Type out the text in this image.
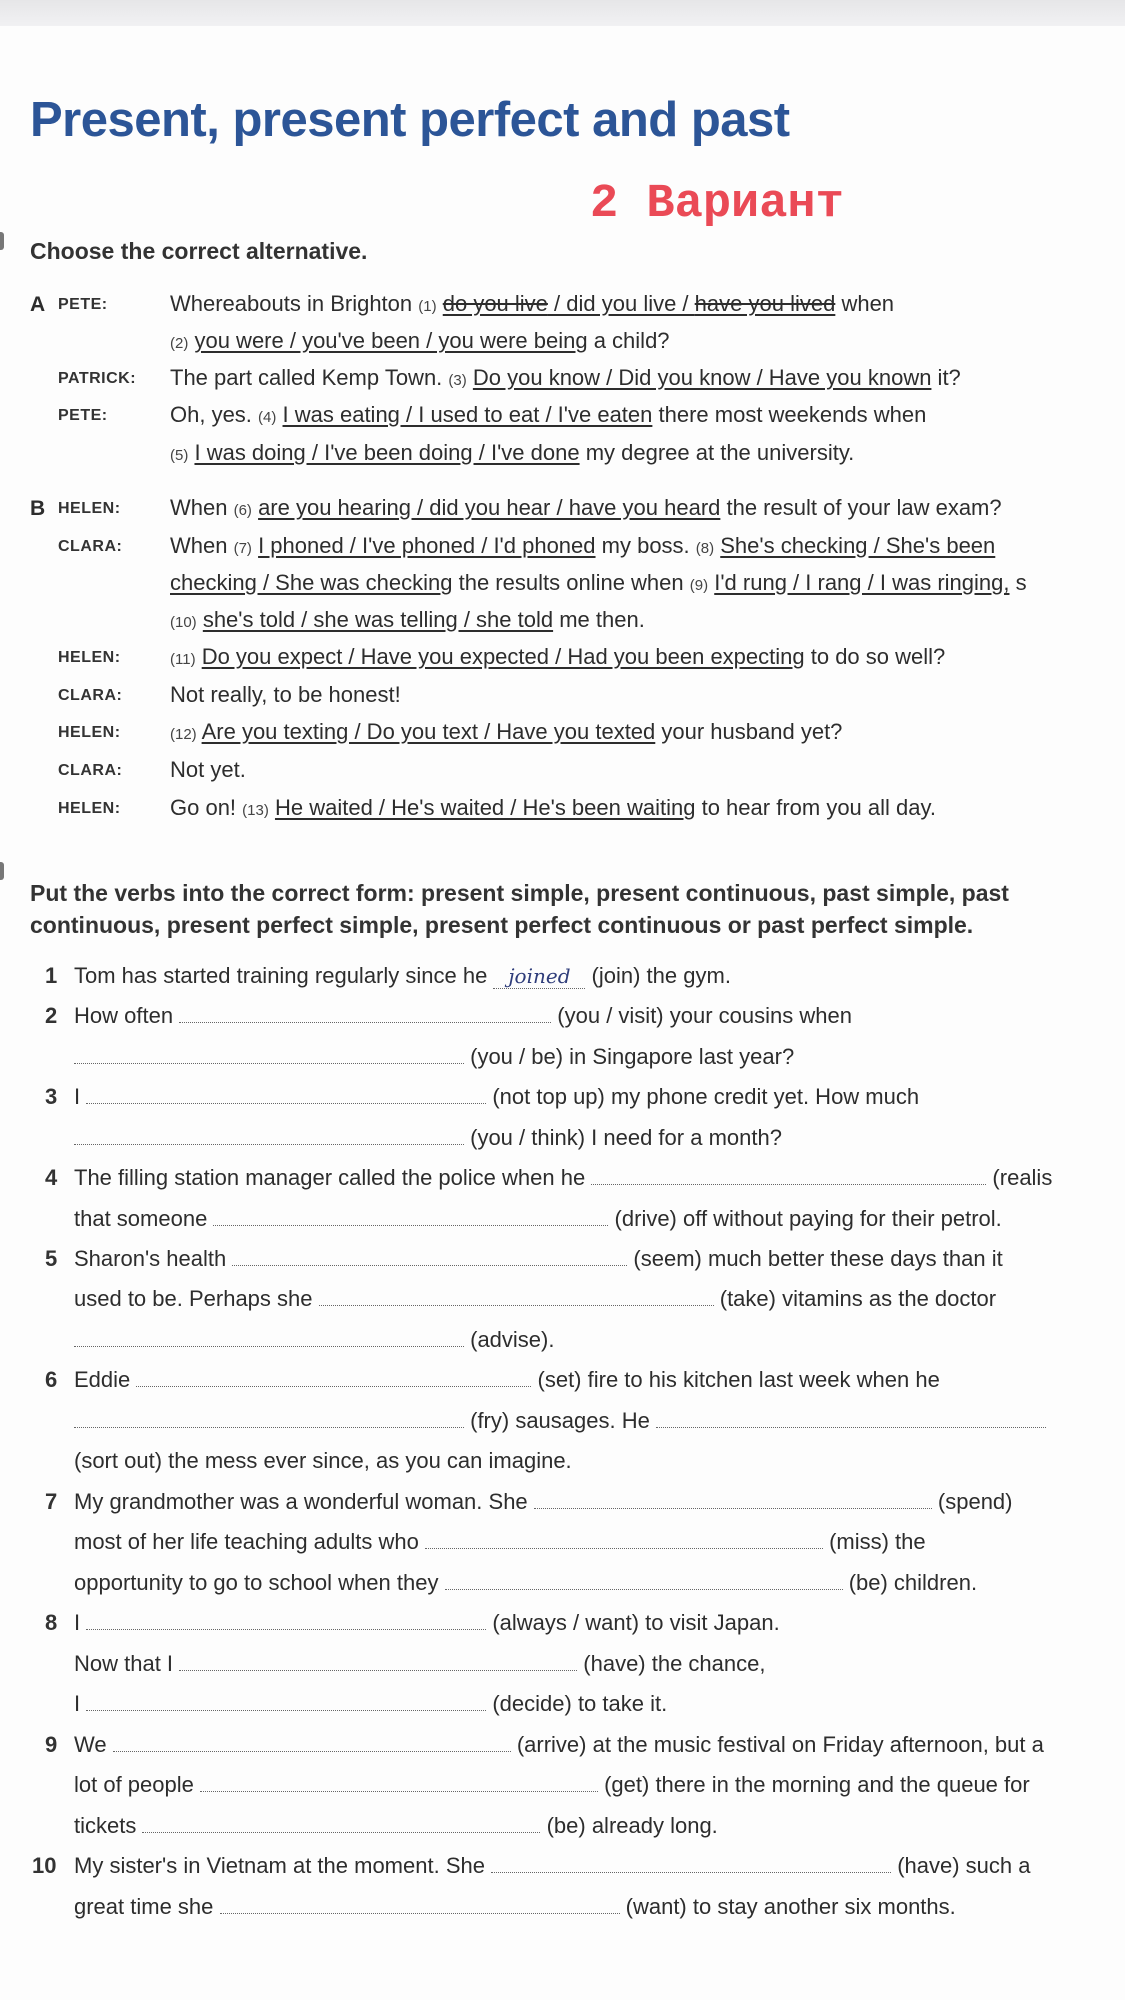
Present, present perfect and past
2 Вариант

Choose the correct alternative.

A PETE:	Whereabouts in Brighton (1) do you live / did you live / have you lived when
(2) you were / you've been / you were being a child?
PATRICK: The part called Kemp Town. (3) Do you know / Did you know / Have you known it?
PETE:	Oh, yes. (4) I was eating / I used to eat / I've eaten there most weekends when
(5) I was doing / I've been doing / I've done my degree at the university.
B HELEN: When (6) are you hearing / did you hear / have you heard the result of your law exam?
CLARA: When (7) I phoned / I've phoned / I'd phoned my boss. (8) She's checking / She's been
checking / She was checking the results online when (9) I'd rung / I rang / I was ringing, s
(10) she's told / she was telling / she told me then.
HELEN:	(11) Do you expect / Have you expected / Had you been expecting to do so well?
CLARA: Not really, to be honest!
HELEN:	(12) Are you texting / Do you text / Have you texted your husband yet?
CLARA: Not yet.
HELEN: Go on! (13) He waited / He's waited / He's been waiting to hear from you all day.

Put the verbs into the correct form: present simple, present continuous, past simple, past

continuous, present perfect simple, present perfect continuous or past perfect simple.

1 Tom has started training regularly since he joined (join) the gym.
2 How often	(you / visit) your cousins when
(you / be) in Singapore last year?
3 I	(not top up) my phone credit yet. How much
(you / think) I need for a month?
4 The filling station manager called the police when he	(realis
that someone	(drive) off without paying for their petrol.
5 Sharon's health	(seem) much better these days than it
used to be. Perhaps she	(take) vitamins as the doctor
(advise).
6 Eddie	(set) fire to his kitchen last week when he
(fry) sausages. He
(sort out) the mess ever since, as you can imagine.
7 My grandmother was a wonderful woman. She	(spend)
most of her life teaching adults who	(miss) the
opportunity to go to school when they	(be) children.
8 I	(always / want) to visit Japan.
Now that I	(have) the chance,
I	(decide) to take it.
9 We	(arrive) at the music festival on Friday afternoon, but a
lot of people	(get) there in the morning and the queue for
tickets	(be) already long.
10 My sister's in Vietnam at the moment. She	(have) such a
great time she	(want) to stay another six months.
